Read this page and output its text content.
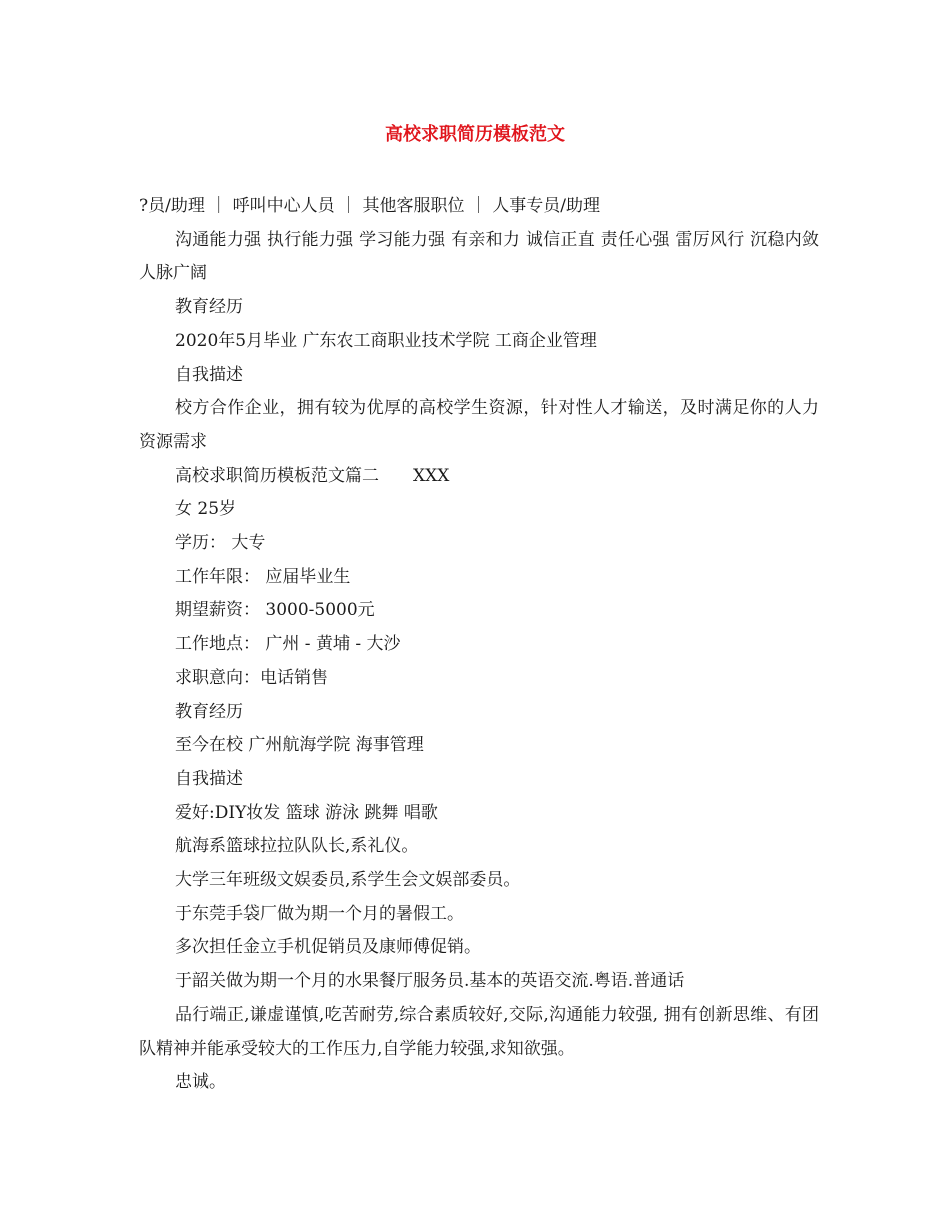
高校求职简历模板范文

?员/助理 ｜ 呼叫中心人员 ｜ 其他客服职位 ｜ 人事专员/助理

沟通能力强 执行能力强 学习能力强 有亲和力 诚信正直 责任心强 雷厉风行 沉稳内敛 人脉广阔

教育经历

2020年5月毕业 广东农工商职业技术学院 工商企业管理

自我描述

校方合作企业，拥有较为优厚的高校学生资源，针对性人才输送，及时满足你的人力资源需求

高校求职简历模板范文篇二 XXX

女 25岁

学历： 大专

工作年限： 应届毕业生

期望薪资： 3000-5000元

工作地点： 广州 - 黄埔 - 大沙

求职意向：电话销售

教育经历

至今在校 广州航海学院 海事管理

自我描述

爱好:DIY妆发 篮球 游泳 跳舞 唱歌

航海系篮球拉拉队队长,系礼仪。

大学三年班级文娱委员,系学生会文娱部委员。

于东莞手袋厂做为期一个月的暑假工。

多次担任金立手机促销员及康师傅促销。

于韶关做为期一个月的水果餐厅服务员.基本的英语交流.粤语.普通话

品行端正,谦虚谨慎,吃苦耐劳,综合素质较好,交际,沟通能力较强, 拥有创新思维、有团队精神并能承受较大的工作压力,自学能力较强,求知欲强。

忠诚。
